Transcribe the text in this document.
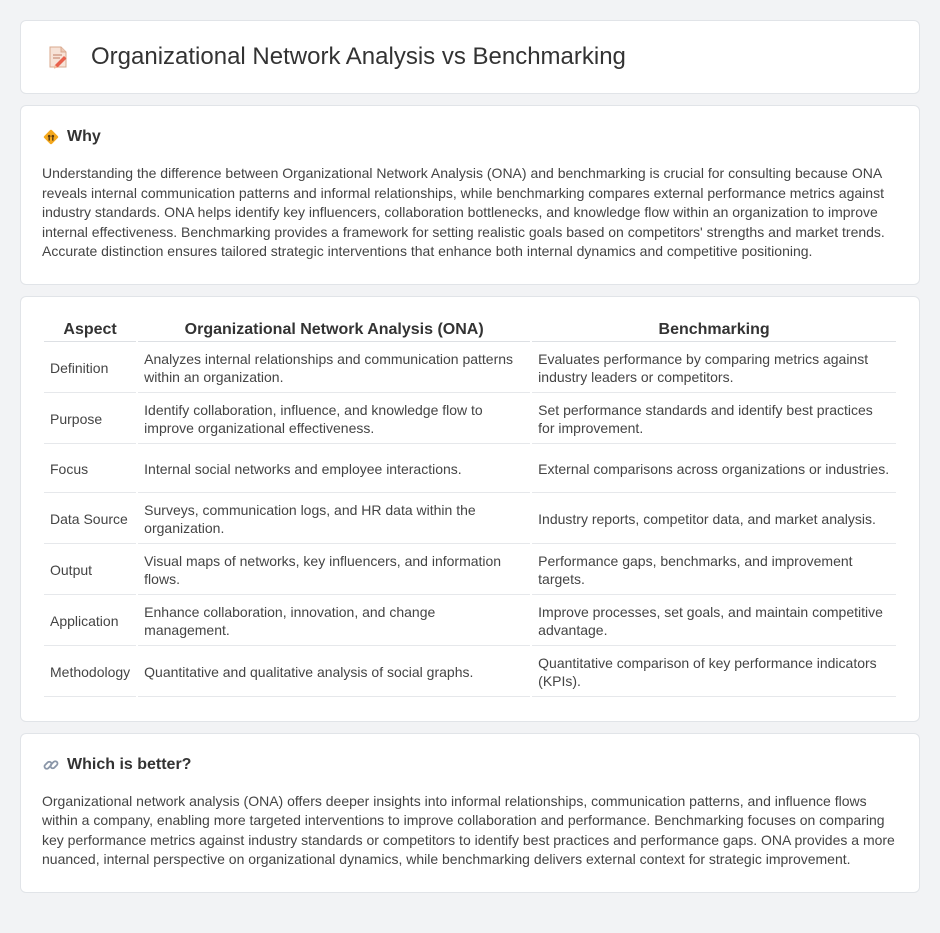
Organizational Network Analysis vs Benchmarking
Why

Understanding the difference between Organizational Network Analysis (ONA) and benchmarking is crucial for consulting because ONA reveals internal communication patterns and informal relationships, while benchmarking compares external performance metrics against industry standards. ONA helps identify key influencers, collaboration bottlenecks, and knowledge flow within an organization to improve internal effectiveness. Benchmarking provides a framework for setting realistic goals based on competitors' strengths and market trends. Accurate distinction ensures tailored strategic interventions that enhance both internal dynamics and competitive positioning.

Aspect	Organizational Network Analysis (ONA)	Benchmarking
Definition	Analyzes internal relationships and communication patterns within an organization.	Evaluates performance by comparing metrics against industry leaders or competitors.
Purpose	Identify collaboration, influence, and knowledge flow to improve organizational effectiveness.	Set performance standards and identify best practices for improvement.
Focus	Internal social networks and employee interactions.	External comparisons across organizations or industries.
Data Source	Surveys, communication logs, and HR data within the organization.	Industry reports, competitor data, and market analysis.
Output	Visual maps of networks, key influencers, and information flows.	Performance gaps, benchmarks, and improvement targets.
Application	Enhance collaboration, innovation, and change management.	Improve processes, set goals, and maintain competitive advantage.
Methodology	Quantitative and qualitative analysis of social graphs.	Quantitative comparison of key performance indicators (KPIs).
Which is better?

Organizational network analysis (ONA) offers deeper insights into informal relationships, communication patterns, and influence flows within a company, enabling more targeted interventions to improve collaboration and performance. Benchmarking focuses on comparing key performance metrics against industry standards or competitors to identify best practices and performance gaps. ONA provides a more nuanced, internal perspective on organizational dynamics, while benchmarking delivers external context for strategic improvement.
